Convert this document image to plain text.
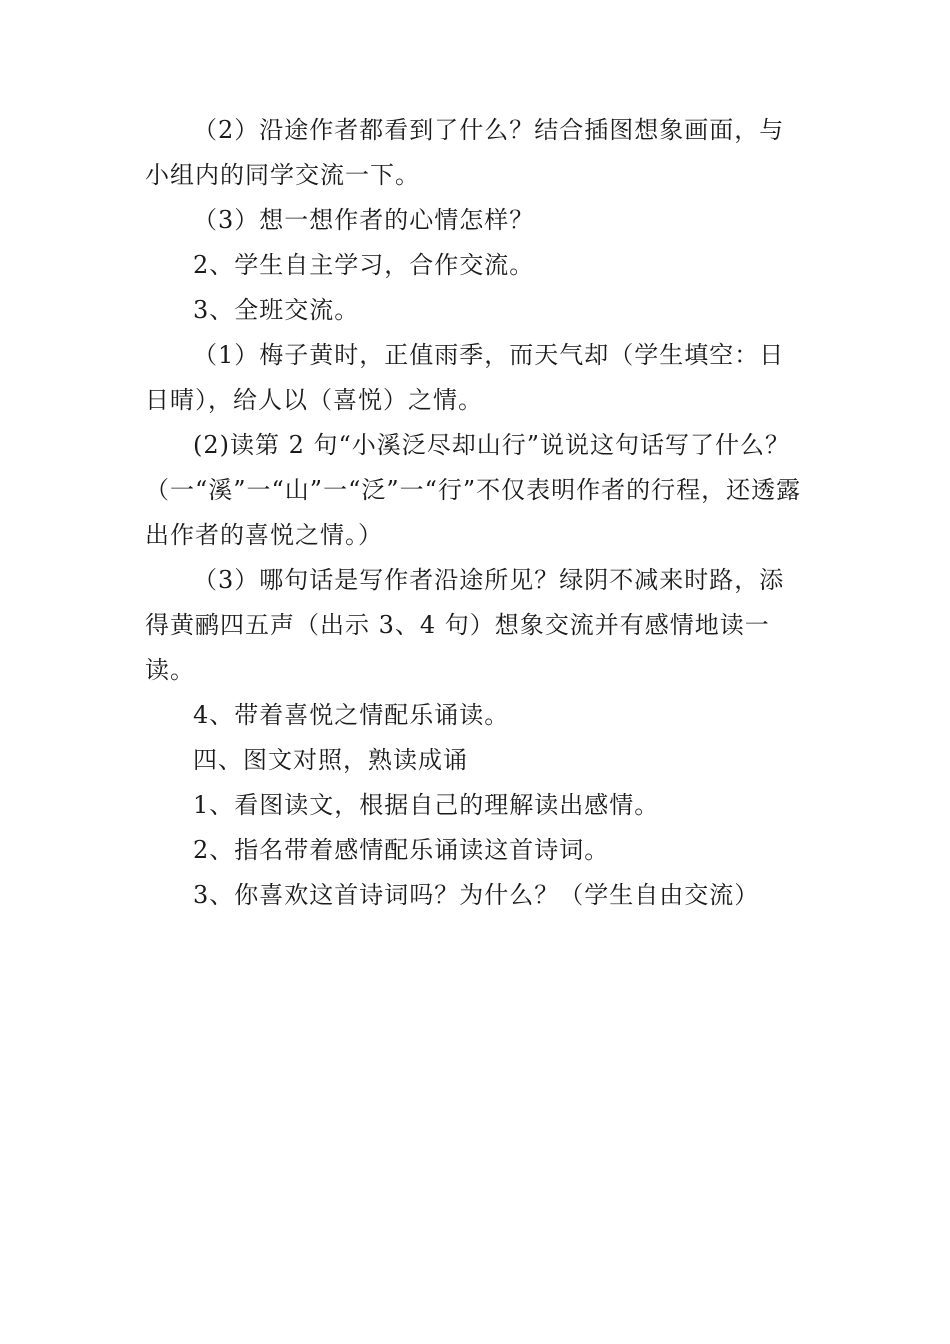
（2）沿途作者都看到了什么？结合插图想象画面，与小组内的同学交流一下。

（3）想一想作者的心情怎样？

2、学生自主学习，合作交流。

3、全班交流。

（1）梅子黄时，正值雨季，而天气却（学生填空：日日晴），给人以（喜悦）之情。

(2)读第 2 句“小溪泛尽却山行”说说这句话写了什么？（一“溪”一“山”一“泛”一“行”不仅表明作者的行程，还透露出作者的喜悦之情。）

（3）哪句话是写作者沿途所见？绿阴不减来时路，添得黄鹂四五声（出示 3、4 句）想象交流并有感情地读一读。

4、带着喜悦之情配乐诵读。

四、图文对照，熟读成诵

1、看图读文，根据自己的理解读出感情。

2、指名带着感情配乐诵读这首诗词。

3、你喜欢这首诗词吗？为什么？（学生自由交流）
